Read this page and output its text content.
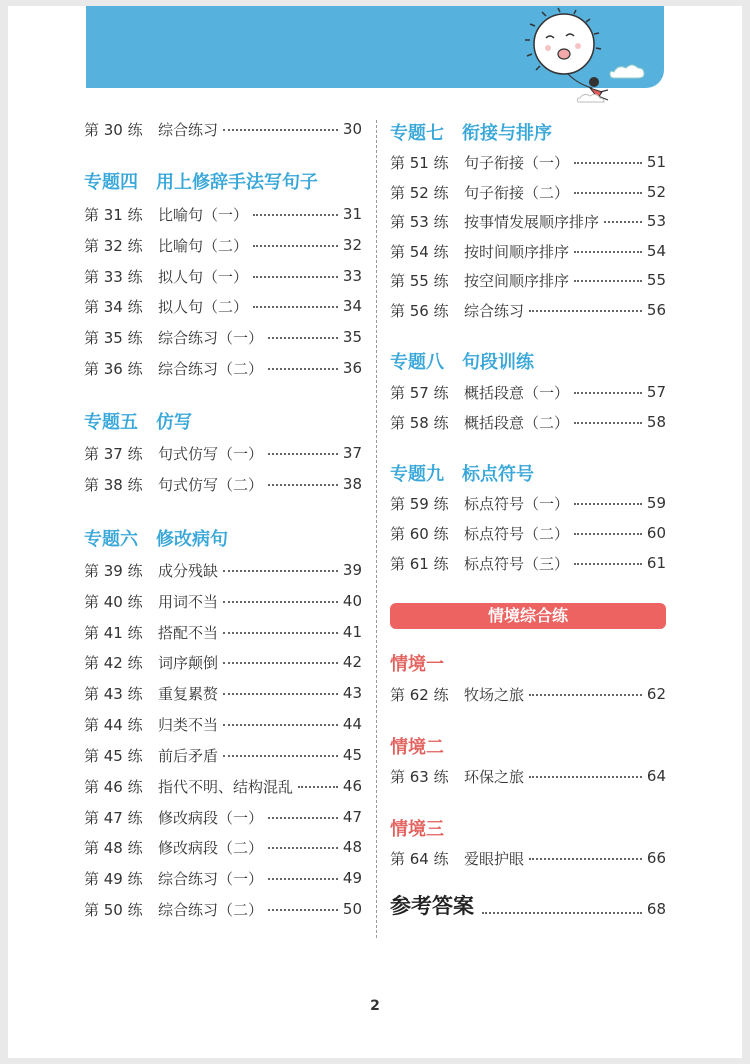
第 30 练	综合练习	30
专题四　用上修辞手法写句子
第 31 练	比喻句（一）	31
第 32 练	比喻句（二）	32
第 33 练	拟人句（一）	33
第 34 练	拟人句（二）	34
第 35 练	综合练习（一）	35
第 36 练	综合练习（二）	36
专题五　仿写
第 37 练	句式仿写（一）	37
第 38 练	句式仿写（二）	38
专题六　修改病句
第 39 练	成分残缺	39
第 40 练	用词不当	40
第 41 练	搭配不当	41
第 42 练	词序颠倒	42
第 43 练	重复累赘	43
第 44 练	归类不当	44
第 45 练	前后矛盾	45
第 46 练	指代不明、结构混乱	46
第 47 练	修改病段（一）	47
第 48 练	修改病段（二）	48
第 49 练	综合练习（一）	49
第 50 练	综合练习（二）	50
专题七　衔接与排序
第 51 练	句子衔接（一）	51
第 52 练	句子衔接（二）	52
第 53 练	按事情发展顺序排序	53
第 54 练	按时间顺序排序	54
第 55 练	按空间顺序排序	55
第 56 练	综合练习	56
专题八　句段训练
第 57 练	概括段意（一）	57
第 58 练	概括段意（二）	58
专题九　标点符号
第 59 练	标点符号（一）	59
第 60 练	标点符号（二）	60
第 61 练	标点符号（三）	61
情境综合练
情境一
第 62 练	牧场之旅	62
情境二
第 63 练	环保之旅	64
情境三
第 64 练	爱眼护眼	66
参考答案	68
2
